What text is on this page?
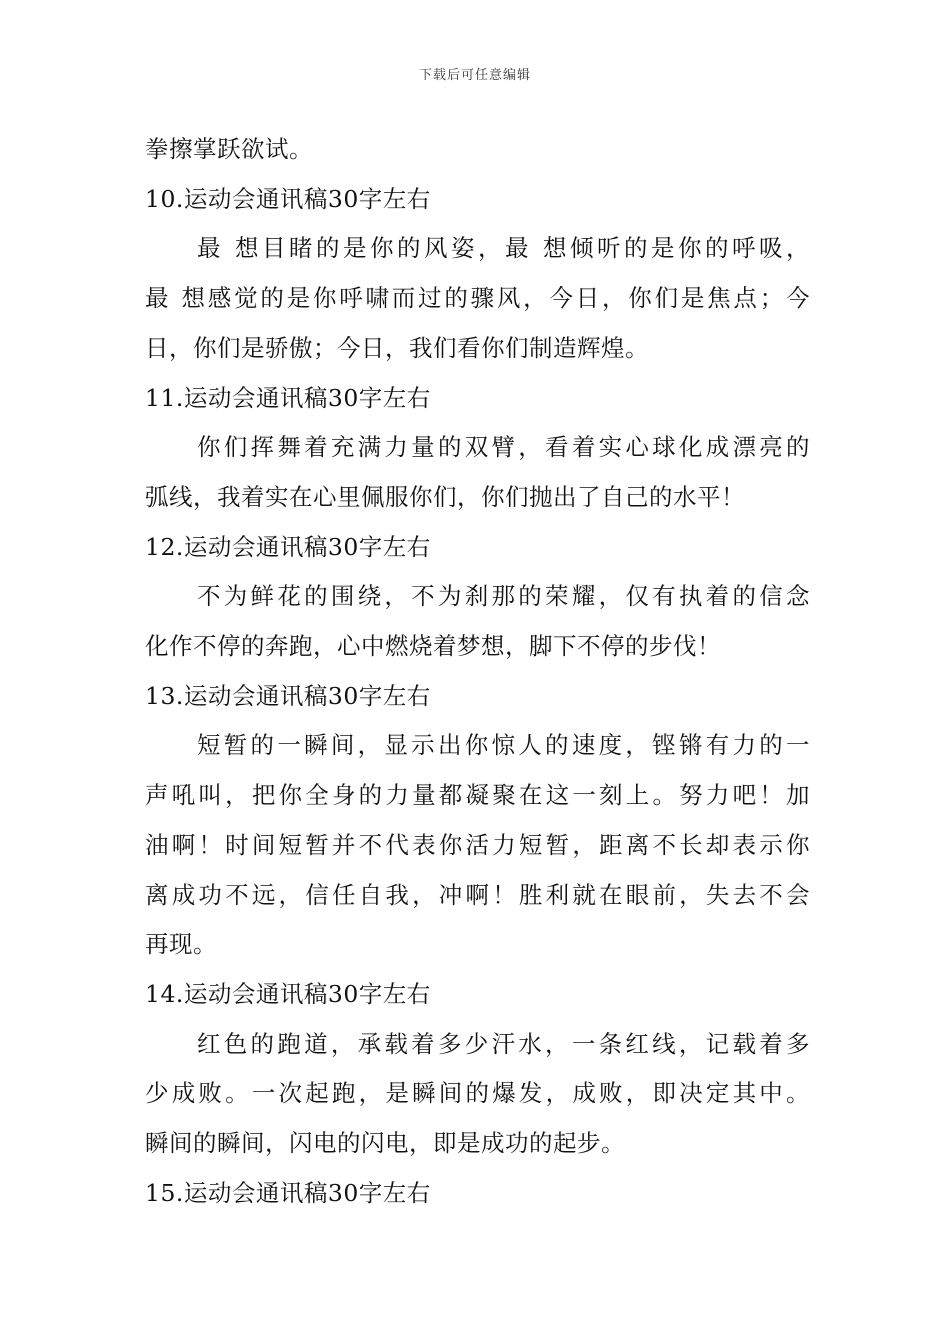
下载后可任意编辑
拳擦掌跃欲试。
10.运动会通讯稿30字左右
最 想目睹的是你的风姿，最 想倾听的是你的呼吸，
最 想感觉的是你呼啸而过的骤风，今日，你们是焦点；今
日，你们是骄傲；今日，我们看你们制造辉煌。
11.运动会通讯稿30字左右
你们挥舞着充满力量的双臂，看着实心球化成漂亮的
弧线，我着实在心里佩服你们，你们抛出了自己的水平！
12.运动会通讯稿30字左右
不为鲜花的围绕，不为刹那的荣耀，仅有执着的信念
化作不停的奔跑，心中燃烧着梦想，脚下不停的步伐！
13.运动会通讯稿30字左右
短暂的一瞬间，显示出你惊人的速度，铿锵有力的一
声吼叫，把你全身的力量都凝聚在这一刻上。努力吧！加
油啊！时间短暂并不代表你活力短暂，距离不长却表示你
离成功不远，信任自我，冲啊！胜利就在眼前，失去不会
再现。
14.运动会通讯稿30字左右
红色的跑道，承载着多少汗水，一条红线，记载着多
少成败。一次起跑，是瞬间的爆发，成败，即决定其中。
瞬间的瞬间，闪电的闪电，即是成功的起步。
15.运动会通讯稿30字左右
